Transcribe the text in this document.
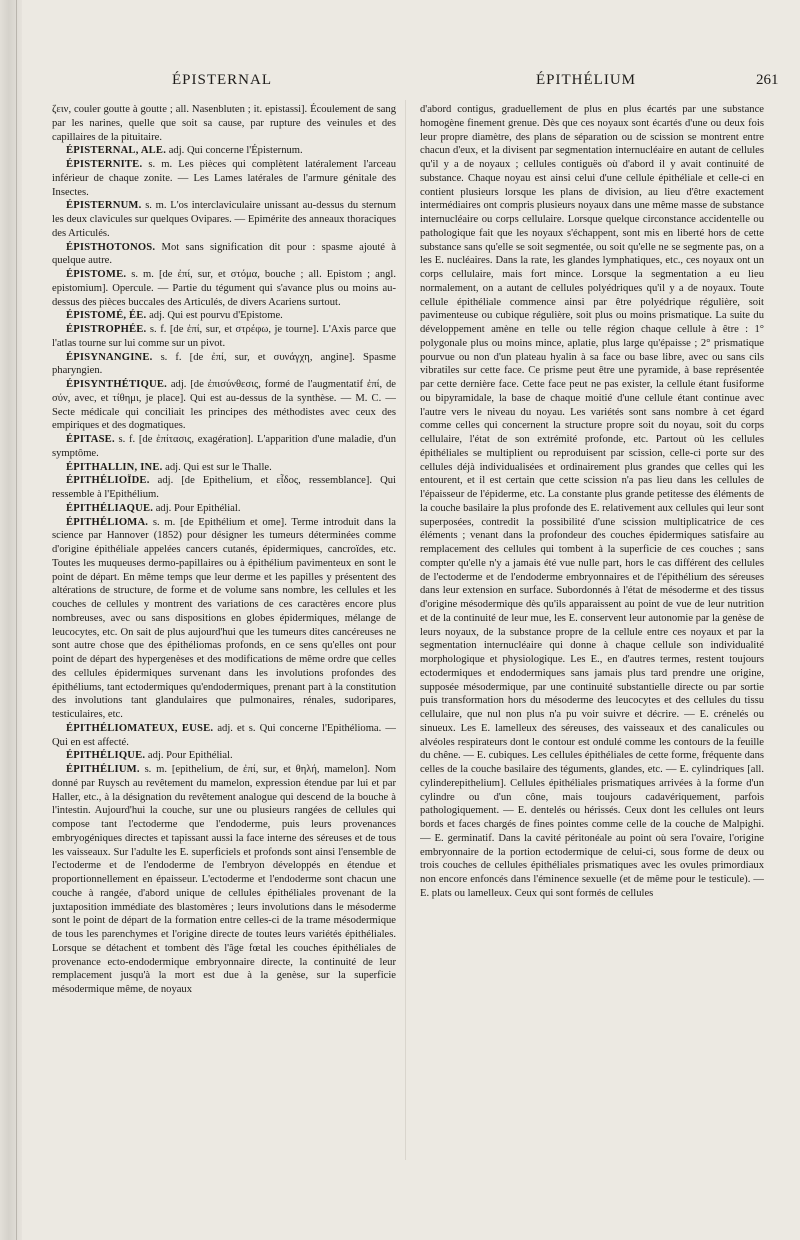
ÉPISTERNAL	ÉPITHÉLIUM	261

ζειν, couler goutte à goutte ; all. Nasenbluten ; it. epistassi]. Écoulement de sang par les narines, quelle que soit sa cause, par rupture des veinules et des capillaires de la pituitaire.

ÉPISTERNAL, ALE. adj. Qui concerne l'Épisternum.

ÉPISTERNITE. s. m. Les pièces qui complètent latéralement l'arceau inférieur de chaque zonite. — Les Lames latérales de l'armure génitale des Insectes.

ÉPISTERNUM. s. m. L'os interclaviculaire unissant au-dessus du sternum les deux clavicules sur quelques Ovipares. — Epimérite des anneaux thoraciques des Articulés.

ÉPISTHOTONOS. Mot sans signification dit pour : spasme ajouté à quelque autre.

ÉPISTOME. s. m. [de ἐπί, sur, et στόμα, bouche ; all. Epistom ; angl. epistomium]. Opercule. — Partie du tégument qui s'avance plus ou moins au-dessus des pièces buccales des Articulés, de divers Acariens surtout.

ÉPISTOMÉ, ÉE. adj. Qui est pourvu d'Epistome.

ÉPISTROPHÉE. s. f. [de ἐπί, sur, et στρέφω, je tourne]. L'Axis parce que l'atlas tourne sur lui comme sur un pivot.

ÉPISYNANGINE. s. f. [de ἐπί, sur, et συνάγχη, angine]. Spasme pharyngien.

ÉPISYNTHÉTIQUE. adj. [de ἐπισύνθεσις, formé de l'augmentatif ἐπί, de σύν, avec, et τίθημι, je place]. Qui est au-dessus de la synthèse. — M. C. — Secte médicale qui conciliait les principes des méthodistes avec ceux des empiriques et des dogmatiques.

ÉPITASE. s. f. [de ἐπίτασις, exagération]. L'apparition d'une maladie, d'un symptôme.

ÉPITHALLIN, INE. adj. Qui est sur le Thalle.

ÉPITHÉLIOÏDE. adj. [de Epithelium, et εἶδος, ressemblance]. Qui ressemble à l'Epithélium.

ÉPITHÉLIAQUE. adj. Pour Epithélial.

ÉPITHÉLIOMA. s. m. [de Epithélium et ome]. Terme introduit dans la science par Hannover (1852) pour désigner les tumeurs déterminées comme d'origine épithéliale appelées cancers cutanés, épidermiques, cancroïdes, etc. Toutes les muqueuses dermo-papillaires ou à épithélium pavimenteux en sont le point de départ. En même temps que leur derme et les papilles y présentent des altérations de structure, de forme et de volume sans nombre, les cellules et les couches de cellules y montrent des variations de ces caractères encore plus nombreuses, avec ou sans dispositions en globes épidermiques, mélange de leucocytes, etc. On sait de plus aujourd'hui que les tumeurs dites cancéreuses ne sont autre chose que des épithéliomas profonds, en ce sens qu'elles ont pour point de départ des hypergenèses et des modifications de même ordre que celles des cellules épidermiques survenant dans les involutions profondes des épithéliums, tant ectodermiques qu'endodermiques, prenant part à la constitution des involutions tant glandulaires que pulmonaires, rénales, sudoripares, testiculaires, etc.

ÉPITHÉLIOMATEUX, EUSE. adj. et s. Qui concerne l'Epithélioma. — Qui en est affecté.

ÉPITHÉLIQUE. adj. Pour Epithélial.

ÉPITHÉLIUM. s. m. [epithelium, de ἐπί, sur, et θηλή, mamelon]. Nom donné par Ruysch au revêtement du mamelon, expression étendue par lui et par Haller, etc., à la désignation du revêtement analogue qui descend de la bouche à l'intestin. Aujourd'hui la couche, sur une ou plusieurs rangées de cellules qui compose tant l'ectoderme que l'endoderme, puis leurs provenances embryogéniques directes et tapissant aussi la face interne des séreuses et de tous les vaisseaux. Sur l'adulte les E. superficiels et profonds sont ainsi l'ensemble de l'ectoderme et de l'endoderme de l'embryon développés en étendue et proportionnellement en épaisseur. L'ectoderme et l'endoderme sont chacun une couche à rangée, d'abord unique de cellules épithéliales provenant de la juxtaposition immédiate des blastomères ; leurs involutions dans le mésoderme sont le point de départ de la formation entre celles-ci de la trame mésodermique de tous les parenchymes et l'origine directe de toutes leurs variétés épithéliales. Lorsque se détachent et tombent dès l'âge fœtal les couches épithéliales de provenance ecto-endodermique embryonnaire directe, la continuité de leur remplacement jusqu'à la mort est due à la genèse, sur la superficie mésodermique même, de noyaux

d'abord contigus, graduellement de plus en plus écartés par une substance homogène finement grenue. Dès que ces noyaux sont écartés d'une ou deux fois leur propre diamètre, des plans de séparation ou de scission se montrent entre chacun d'eux, et la divisent par segmentation internucléaire en autant de cellules qu'il y a de noyaux ; cellules contiguës où d'abord il y avait continuité de substance. Chaque noyau est ainsi celui d'une cellule épithéliale et celle-ci en contient plusieurs lorsque les plans de division, au lieu d'être exactement intermédiaires ont compris plusieurs noyaux dans une même masse de substance internucléaire ou corps cellulaire. Lorsque quelque circonstance accidentelle ou pathologique fait que les noyaux s'échappent, sont mis en liberté hors de cette substance sans qu'elle se soit segmentée, ou soit qu'elle ne se segmente pas, on a les E. nucléaires. Dans la rate, les glandes lymphatiques, etc., ces noyaux ont un corps cellulaire, mais fort mince. Lorsque la segmentation a eu lieu normalement, on a autant de cellules polyédriques qu'il y a de noyaux. Toute cellule épithéliale commence ainsi par être polyédrique régulière, soit pavimenteuse ou cubique régulière, soit plus ou moins prismatique. La suite du développement amène en telle ou telle région chaque cellule à être : 1° polygonale plus ou moins mince, aplatie, plus large qu'épaisse ; 2° prismatique pourvue ou non d'un plateau hyalin à sa face ou base libre, avec ou sans cils vibratiles sur cette face. Ce prisme peut être une pyramide, à base représentée par cette dernière face. Cette face peut ne pas exister, la cellule étant fusiforme ou bipyramidale, la base de chaque moitié d'une cellule étant continue avec l'autre vers le niveau du noyau. Les variétés sont sans nombre à cet égard comme celles qui concernent la structure propre soit du noyau, soit du corps cellulaire, l'état de son extrémité profonde, etc. Partout où les cellules épithéliales se multiplient ou reproduisent par scission, celle-ci porte sur des cellules déjà individualisées et ordinairement plus grandes que celles qui les entourent, et il est certain que cette scission n'a pas lieu dans les cellules de l'épaisseur de l'épiderme, etc. La constante plus grande petitesse des éléments de la couche basilaire la plus profonde des E. relativement aux cellules qui leur sont superposées, contredit la possibilité d'une scission multiplicatrice de ces éléments ; venant dans la profondeur des couches épidermiques satisfaire au remplacement des cellules qui tombent à la superficie de ces couches ; sans compter qu'elle n'y a jamais été vue nulle part, hors le cas différent des cellules de l'ectoderme et de l'endoderme embryonnaires et de l'épithélium des séreuses dans leur extension en surface. Subordonnés à l'état de mésoderme et des tissus d'origine mésodermique dès qu'ils apparaissent au point de vue de leur nutrition et de la continuité de leur mue, les E. conservent leur autonomie par la genèse de leurs noyaux, de la substance propre de la cellule entre ces noyaux et par la segmentation internucléaire qui donne à chaque cellule son individualité morphologique et physiologique. Les E., en d'autres termes, restent toujours ectodermiques et endodermiques sans jamais plus tard prendre une origine, supposée mésodermique, par une continuité substantielle directe ou par sortie puis transformation hors du mésoderme des leucocytes et des cellules du tissu cellulaire, que nul non plus n'a pu voir suivre et décrire. — E. crénelés ou sinueux. Les E. lamelleux des séreuses, des vaisseaux et des canalicules ou alvéoles respirateurs dont le contour est ondulé comme les contours de la feuille du chêne. — E. cubiques. Les cellules épithéliales de cette forme, fréquente dans celles de la couche basilaire des téguments, glandes, etc. — E. cylindriques [all. cylinderepithelium]. Cellules épithéliales prismatiques arrivées à la forme d'un cylindre ou d'un cône, mais toujours cadavériquement, parfois pathologiquement. — E. dentelés ou hérissés. Ceux dont les cellules ont leurs bords et faces chargés de fines pointes comme celle de la couche de Malpighi. — E. germinatif. Dans la cavité péritonéale au point où sera l'ovaire, l'origine embryonnaire de la portion ectodermique de celui-ci, sous forme de deux ou trois couches de cellules épithéliales prismatiques avec les ovules primordiaux non encore enfoncés dans l'éminence sexuelle (et de même pour le testicule). — E. plats ou lamelleux. Ceux qui sont formés de cellules
